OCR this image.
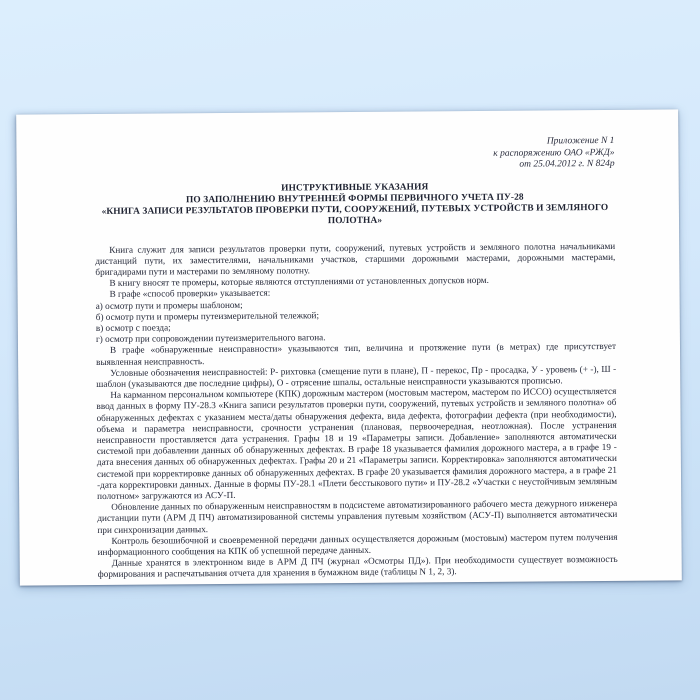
Приложение N 1
к распоряжению ОАО «РЖД»
от 25.04.2012 г. N 824р
ИНСТРУКТИВНЫЕ УКАЗАНИЯ
ПО ЗАПОЛНЕНИЮ ВНУТРЕННЕЙ ФОРМЫ ПЕРВИЧНОГО УЧЕТА ПУ-28
«КНИГА ЗАПИСИ РЕЗУЛЬТАТОВ ПРОВЕРКИ ПУТИ, СООРУЖЕНИЙ, ПУТЕВЫХ УСТРОЙСТВ И ЗЕМЛЯНОГО ПОЛОТНА»

Книга служит для записи результатов проверки пути, сооружений, путевых устройств и земляного полотна начальниками дистанций пути, их заместителями, начальниками участков, старшими дорожными мастерами, дорожными мастерами, бригадирами пути и мастерами по земляному полотну.

В книгу вносят те промеры, которые являются отступлениями от установленных допусков норм.

В графе «способ проверки» указывается:

а) осмотр пути и промеры шаблоном;

б) осмотр пути и промеры путеизмерительной тележкой;

в) осмотр с поезда;

г) осмотр при сопровождении путеизмерительного вагона.

В графе «обнаруженные неисправности» указываются тип, величина и протяжение пути (в метрах) где присутствует выявленная неисправность.

Условные обозначения неисправностей: Р- рихтовка (смещение пути в плане), П - перекос, Пр - просадка, У - уровень (+ -), Ш - шаблон (указываются две последние цифры), О - отрясение шпалы, остальные неисправности указываются прописью.

На карманном персональном компьютере (КПК) дорожным мастером (мостовым мастером, мастером по ИССО) осуществляется ввод данных в форму ПУ-28.3 «Книга записи результатов проверки пути, сооружений, путевых устройств и земляного полотна» об обнаруженных дефектах с указанием места/даты обнаружения дефекта, вида дефекта, фотографии дефекта (при необходимости), объема и параметра неисправности, срочности устранения (плановая, первоочередная, неотложная). После устранения неисправности проставляется дата устранения. Графы 18 и 19 «Параметры записи. Добавление» заполняются автоматически системой при добавлении данных об обнаруженных дефектах. В графе 18 указывается фамилия дорожного мастера, а в графе 19 - дата внесения данных об обнаруженных дефектах. Графы 20 и 21 «Параметры записи. Корректировка» заполняются автоматически системой при корректировке данных об обнаруженных дефектах. В графе 20 указывается фамилия дорожного мастера, а в графе 21 -дата корректировки данных. Данные в формы ПУ-28.1 «Плети бесстыкового пути» и ПУ-28.2 «Участки с неустойчивым земляным полотном» загружаются из АСУ-П.

Обновление данных по обнаруженным неисправностям в подсистеме автоматизированного рабочего места дежурного инженера дистанции пути (АРМ Д ПЧ) автоматизированной системы управления путевым хозяйством (АСУ-П) выполняется автоматически при синхронизации данных.

Контроль безошибочной и своевременной передачи данных осуществляется дорожным (мостовым) мастером путем получения информационного сообщения на КПК об успешной передаче данных.

Данные хранятся в электронном виде в АРМ Д ПЧ (журнал «Осмотры ПД»). При необходимости существует возможность формирования и распечатывания отчета для хранения в бумажном виде (таблицы N 1, 2, 3).
